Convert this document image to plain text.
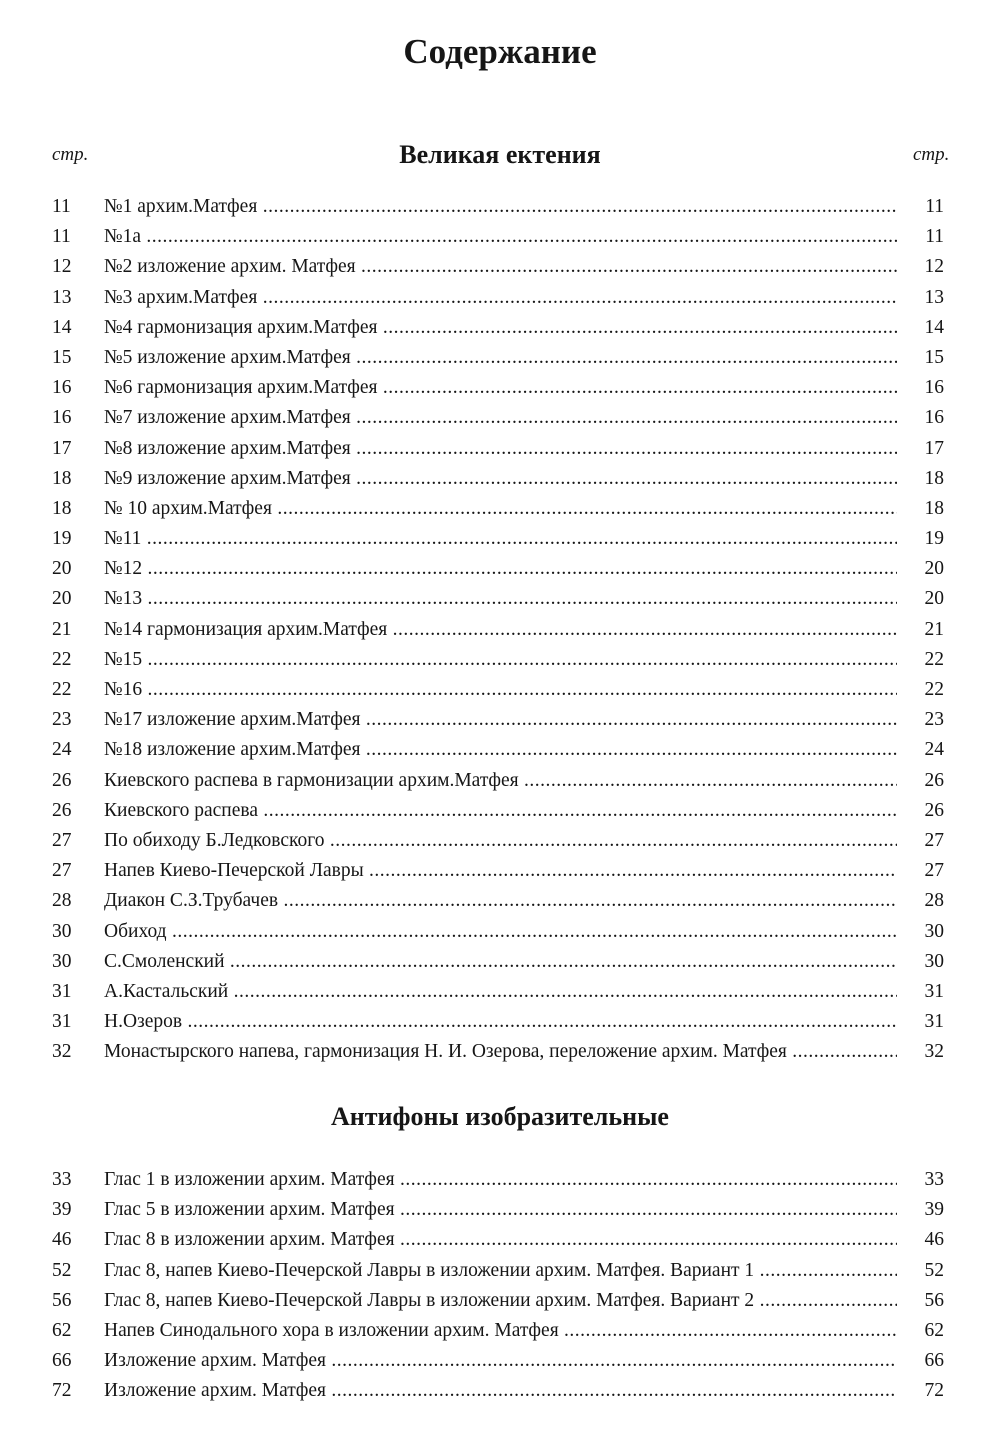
Содержание
стр.	стр.
Великая ектения
11	№1 архим.Матфея .....	11
11	№1а .....	11
12	№2 изложение архим. Матфея .....	12
13	№3 архим.Матфея .....	13
14	№4 гармонизация архим.Матфея .....	14
15	№5 изложение архим.Матфея .....	15
16	№6 гармонизация архим.Матфея .....	16
16	№7 изложение архим.Матфея .....	16
17	№8 изложение архим.Матфея .....	17
18	№9 изложение архим.Матфея .....	18
18	№ 10 архим.Матфея .....	18
19	№11 .....	19
20	№12 .....	20
20	№13 .....	20
21	№14 гармонизация архим.Матфея .....	21
22	№15 .....	22
22	№16 .....	22
23	№17 изложение архим.Матфея .....	23
24	№18 изложение архим.Матфея .....	24
26	Киевского распева в гармонизации архим.Матфея .....	26
26	Киевского распева .....	26
27	По обиходу Б.Ледковского .....	27
27	Напев Киево-Печерской Лавры .....	27
28	Диакон С.З.Трубачев .....	28
30	Обиход .....	30
30	С.Смоленский .....	30
31	А.Кастальский .....	31
31	Н.Озеров .....	31
32	Монастырского напева, гармонизация Н. И. Озерова, переложение архим. Матфея .....	32
Антифоны изобразительные
33	Глас 1 в изложении архим. Матфея .....	33
39	Глас 5 в изложении архим. Матфея .....	39
46	Глас 8 в изложении архим. Матфея .....	46
52	Глас 8, напев Киево-Печерской Лавры в изложении архим. Матфея. Вариант 1 .....	52
56	Глас 8, напев Киево-Печерской Лавры в изложении архим. Матфея. Вариант 2 .....	56
62	Напев Синодального хора в изложении архим. Матфея .....	62
66	Изложение архим. Матфея .....	66
72	Изложение архим. Матфея .....	72
